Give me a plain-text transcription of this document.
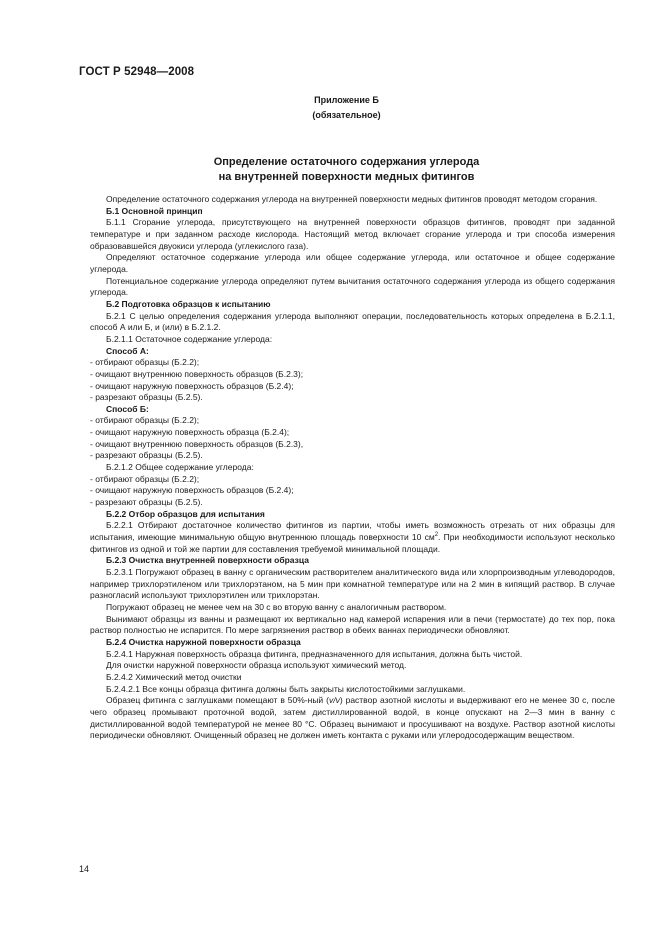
ГОСТ Р 52948—2008
Приложение Б
(обязательное)
Определение остаточного содержания углерода
на внутренней поверхности медных фитингов

Определение остаточного содержания углерода на внутренней поверхности медных фитингов проводят методом сгорания.

Б.1 Основной принцип

Б.1.1 Сгорание углерода, присутствующего на внутренней поверхности образцов фитингов, проводят при заданной температуре и при заданном расходе кислорода. Настоящий метод включает сгорание углерода и три способа измерения образовавшейся двуокиси углерода (углекислого газа).

Определяют остаточное содержание углерода или общее содержание углерода, или остаточное и общее содержание углерода.

Потенциальное содержание углерода определяют путем вычитания остаточного содержания углерода из общего содержания углерода.

Б.2 Подготовка образцов к испытанию

Б.2.1 С целью определения содержания углерода выполняют операции, последовательность которых определена в Б.2.1.1, способ А или Б, и (или) в Б.2.1.2.

Б.2.1.1 Остаточное содержание углерода:

Способ А:

- отбирают образцы (Б.2.2);

- очищают внутреннюю поверхность образцов (Б.2.3);

- очищают наружную поверхность образцов (Б.2.4);

- разрезают образцы (Б.2.5).

Способ Б:

- отбирают образцы (Б.2.2);

- очищают наружную поверхность образца (Б.2.4);

- очищают внутреннюю поверхность образцов (Б.2.3),

- разрезают образцы (Б.2.5).

Б.2.1.2 Общее содержание углерода:

- отбирают образцы (Б.2.2);

- очищают наружную поверхность образцов (Б.2.4);

- разрезают образцы (Б.2.5).

Б.2.2 Отбор образцов для испытания

Б.2.2.1 Отбирают достаточное количество фитингов из партии, чтобы иметь возможность отрезать от них образцы для испытания, имеющие минимальную общую внутреннюю площадь поверхности 10 $см^2$. При необходимости используют несколько фитингов из одной и той же партии для составления требуемой минимальной площади.

Б.2.3 Очистка внутренней поверхности образца

Б.2.3.1 Погружают образец в ванну с органическим растворителем аналитического вида или хлорпроизводным углеводородов, например трихлорэтиленом или трихлорэтаном, на 5 мин при комнатной температуре или на 2 мин в кипящий раствор. В случае разногласий используют трихлорэтилен или трихлорэтан.

Погружают образец не менее чем на 30 с во вторую ванну с аналогичным раствором.

Вынимают образцы из ванны и размещают их вертикально над камерой испарения или в печи (термостате) до тех пор, пока раствор полностью не испарится. По мере загрязнения раствор в обеих ваннах периодически обновляют.

Б.2.4 Очистка наружной поверхности образца

Б.2.4.1 Наружная поверхность образца фитинга, предназначенного для испытания, должна быть чистой.

Для очистки наружной поверхности образца используют химический метод.

Б.2.4.2 Химический метод очистки

Б.2.4.2.1 Все концы образца фитинга должны быть закрыты кислотостойкими заглушками.

Образец фитинга с заглушками помещают в 50%-ный (v/v) раствор азотной кислоты и выдерживают его не менее 30 с, после чего образец промывают проточной водой, затем дистиллированной водой, в конце опускают на 2—3 мин в ванну с дистиллированной водой температурой не менее 80 °С. Образец вынимают и просушивают на воздухе. Раствор азотной кислоты периодически обновляют. Очищенный образец не должен иметь контакта с руками или углеродосодержащим веществом.

14
